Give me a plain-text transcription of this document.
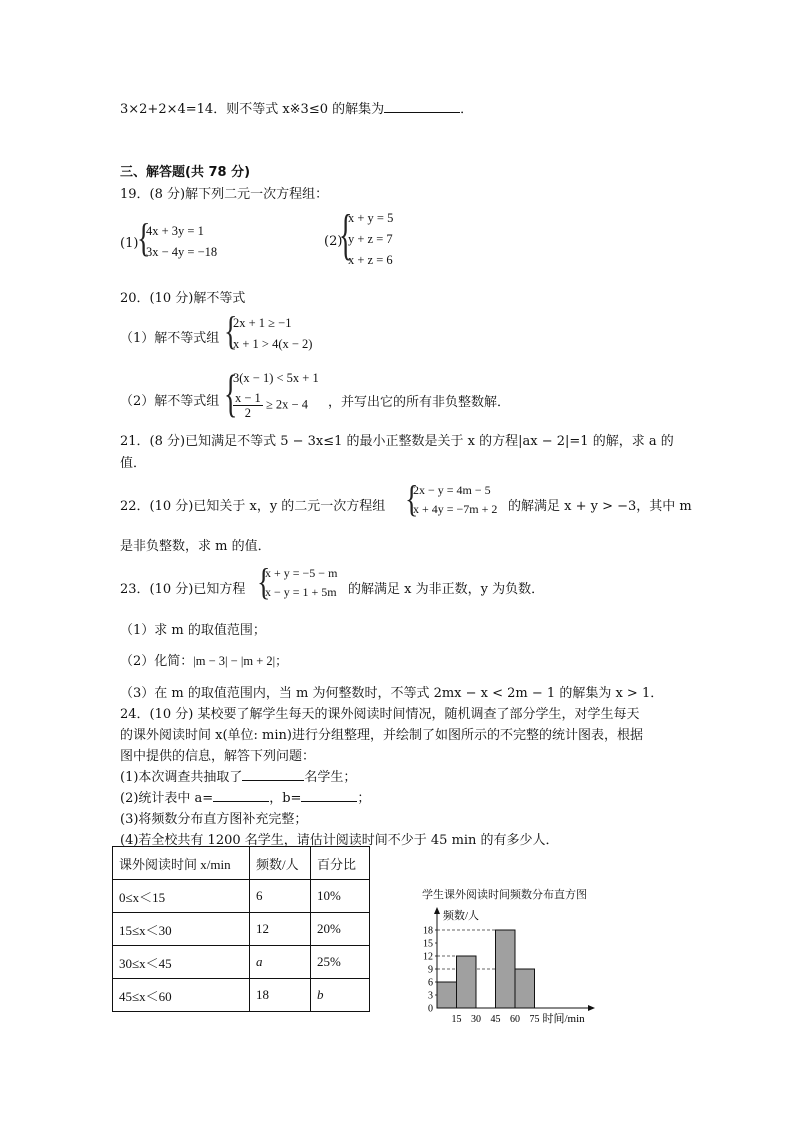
3×2+2×4=14．则不等式 x※3≤0 的解集为	．
三、解答题(共 78 分)
19．(8 分)解下列二元一次方程组：
(1)
{
4x + 3y = 1
3x − 4y = −18
(2)
{
x + y = 5
y + z = 7
x + z = 6
20．(10 分)解不等式
（1）解不等式组 {
2x + 1 ≥ −1
x + 1 > 4(x − 2)
（2）解不等式组 {
3(x − 1) < 5x + 1
$\frac{x - 1}{2} \ge 2x - 4$	，并写出它的所有非负整数解．
21．(8 分)已知满足不等式 5 − 3x≤1 的最小正整数是关于 x 的方程|ax − 2|=1 的解，求 a 的
值．
22．(10 分)已知关于 x，y 的二元一次方程组 {
2x − y = 4m − 5
x + 4y = −7m + 2 的解满足 x + y > −3，其中 m
是非负整数，求 m 的值．
23．(10 分)已知方程 {
x + y = −5 − m
x − y = 1 + 5m 的解满足 x 为非正数，y 为负数．
（1）求 m 的取值范围；
（2）化简：|m − 3| − |m + 2|；
（3）在 m 的取值范围内，当 m 为何整数时，不等式 2mx − x < 2m − 1 的解集为 x > 1．
24．(10 分) 某校要了解学生每天的课外阅读时间情况，随机调查了部分学生，对学生每天
的课外阅读时间 x(单位: min)进行分组整理，并绘制了如图所示的不完整的统计图表，根据
图中提供的信息，解答下列问题：
(1)本次调查共抽取了	名学生；
(2)统计表中 a=	，b=	；
(3)将频数分布直方图补充完整；
(4)若全校共有 1200 名学生，请估计阅读时间不少于 45 min 的有多少人．
课外阅读时间 x/min	频数/人	百分比
0≤x＜15	6	10%
15≤x＜30	12	20%
30≤x＜45	a	25%
45≤x＜60	18	b
学生课外阅读时间频数分布直方图
0
3
6
9
12
15
18
15 30 45 60 75
频数/人
时间/min
